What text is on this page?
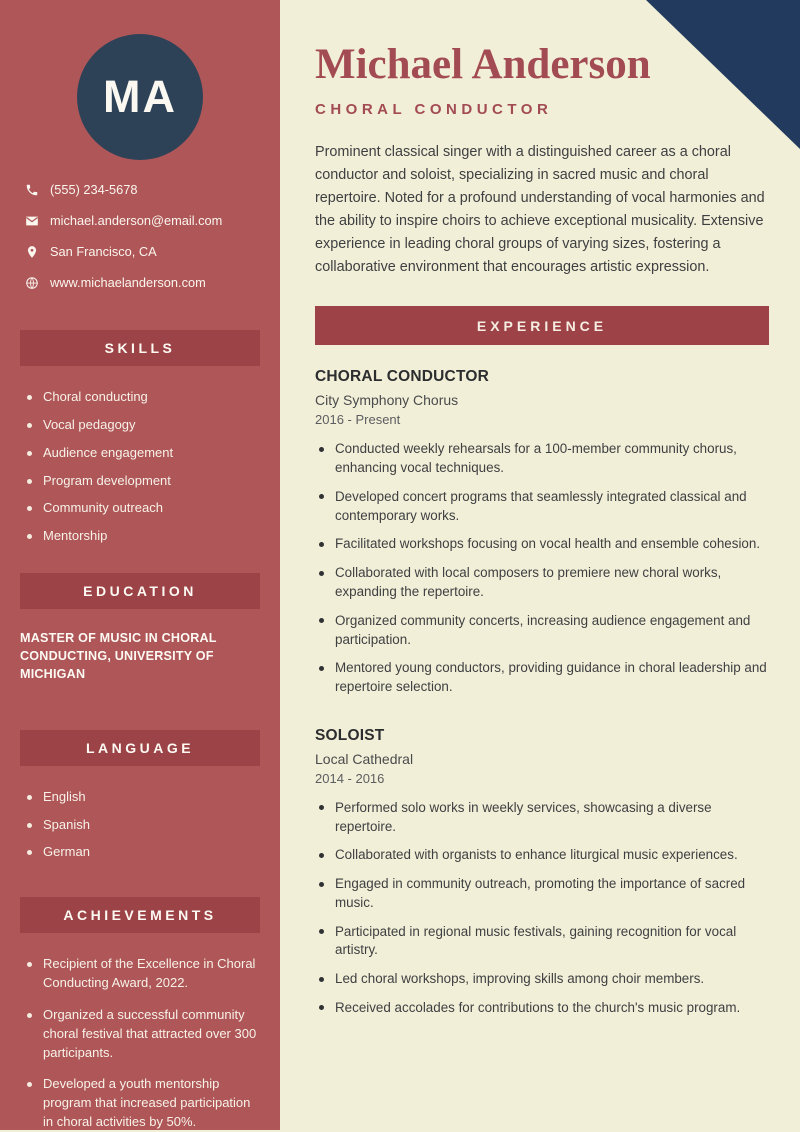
MA
(555) 234-5678
michael.anderson@email.com
San Francisco, CA
www.michaelanderson.com
SKILLS
Choral conducting
Vocal pedagogy
Audience engagement
Program development
Community outreach
Mentorship
EDUCATION
MASTER OF MUSIC IN CHORAL CONDUCTING, UNIVERSITY OF MICHIGAN
LANGUAGE
English
Spanish
German
ACHIEVEMENTS
Recipient of the Excellence in Choral Conducting Award, 2022.
Organized a successful community choral festival that attracted over 300 participants.
Developed a youth mentorship program that increased participation in choral activities by 50%.
Michael Anderson
CHORAL CONDUCTOR

Prominent classical singer with a distinguished career as a choral conductor and soloist, specializing in sacred music and choral repertoire. Noted for a profound understanding of vocal harmonies and the ability to inspire choirs to achieve exceptional musicality. Extensive experience in leading choral groups of varying sizes, fostering a collaborative environment that encourages artistic expression.

EXPERIENCE
CHORAL CONDUCTOR
City Symphony Chorus
2016 - Present
Conducted weekly rehearsals for a 100-member community chorus, enhancing vocal techniques.
Developed concert programs that seamlessly integrated classical and contemporary works.
Facilitated workshops focusing on vocal health and ensemble cohesion.
Collaborated with local composers to premiere new choral works, expanding the repertoire.
Organized community concerts, increasing audience engagement and participation.
Mentored young conductors, providing guidance in choral leadership and repertoire selection.
SOLOIST
Local Cathedral
2014 - 2016
Performed solo works in weekly services, showcasing a diverse repertoire.
Collaborated with organists to enhance liturgical music experiences.
Engaged in community outreach, promoting the importance of sacred music.
Participated in regional music festivals, gaining recognition for vocal artistry.
Led choral workshops, improving skills among choir members.
Received accolades for contributions to the church's music program.
